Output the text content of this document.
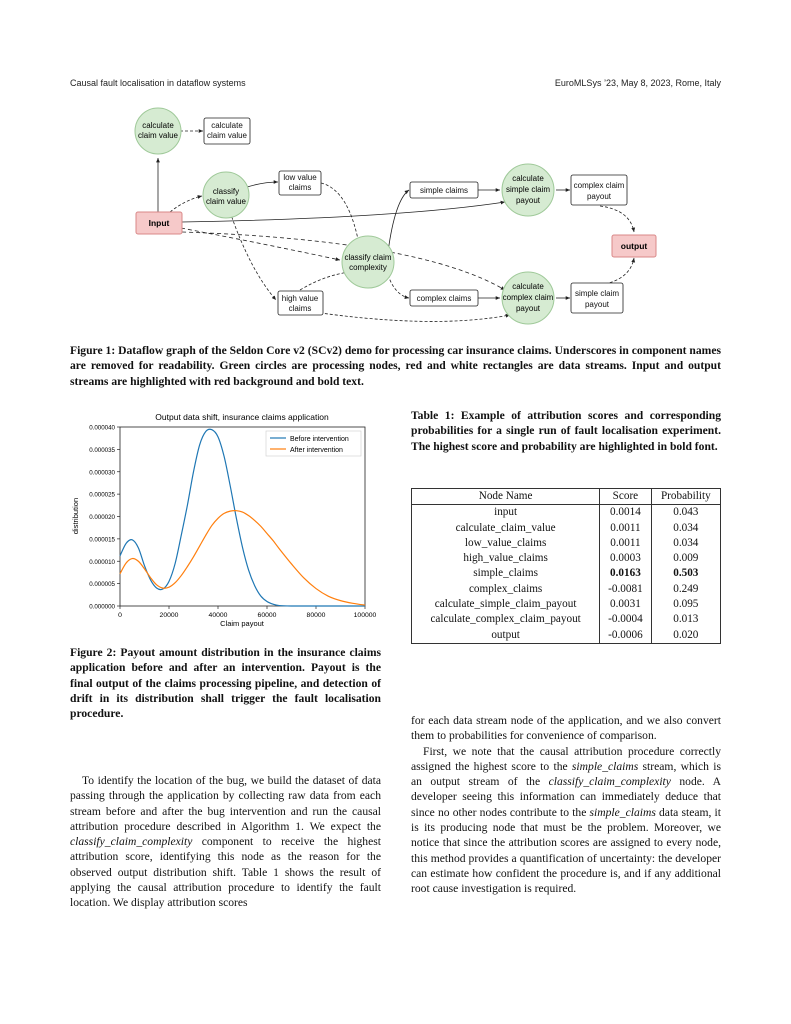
Causal fault localisation in dataflow systems	EuroMLSys ’23, May 8, 2023, Rome, Italy
calculate
claim value
classify
claim value
classify claim
complexity
calculate
simple claim
payout
calculate
complex claim
payout
calculate
claim value
low value
claims
high value
claims
simple claims
complex claims
complex claim
payout
simple claim
payout
Input
output
Figure 1: Dataflow graph of the Seldon Core v2 (SCv2) demo for processing car insurance claims. Underscores in component names are removed for readability. Green circles are processing nodes, red and white rectangles are data streams. Input and output streams are highlighted with red background and bold text.
Output data shift, insurance claims application
0.000000
0.000005
0.000010
0.000015
0.000020
0.000025
0.000030
0.000035
0.000040
0	20000	40000	60000	80000	100000
Claim payout
distribution
Before intervention
After intervention
Figure 2: Payout amount distribution in the insurance claims application before and after an intervention. Payout is the final output of the claims processing pipeline, and detection of drift in its distribution shall trigger the fault localisation procedure.
Table 1: Example of attribution scores and corresponding probabilities for a single run of fault localisation experiment. The highest score and probability are highlighted in bold font.
Node Name	Score	Probability
input	0.0014	0.043
calculate_claim_value	0.0011	0.034
low_value_claims	0.0011	0.034
high_value_claims	0.0003	0.009
simple_claims	0.0163	0.503
complex_claims	-0.0081	0.249
calculate_simple_claim_payout	0.0031	0.095
calculate_complex_claim_payout	-0.0004	0.013
output	-0.0006	0.020

To identify the location of the bug, we build the dataset of data passing through the application by collecting raw data from each stream before and after the bug intervention and run the causal attribution procedure described in Algorithm 1. We expect the classify_claim_complexity component to receive the highest attribution score, identifying this node as the reason for the observed output distribution shift. Table 1 shows the result of applying the causal attribution procedure to identify the fault location. We display attribution scores

for each data stream node of the application, and we also convert them to probabilities for convenience of comparison.

First, we note that the causal attribution procedure correctly assigned the highest score to the simple_claims stream, which is an output stream of the classify_claim_complexity node. A developer seeing this information can immediately deduce that since no other nodes contribute to the simple_claims data steam, it is its producing node that must be the problem. Moreover, we notice that since the attribution scores are assigned to every node, this method provides a quantification of uncertainty: the developer can estimate how confident the procedure is, and if any additional root cause investigation is required.
